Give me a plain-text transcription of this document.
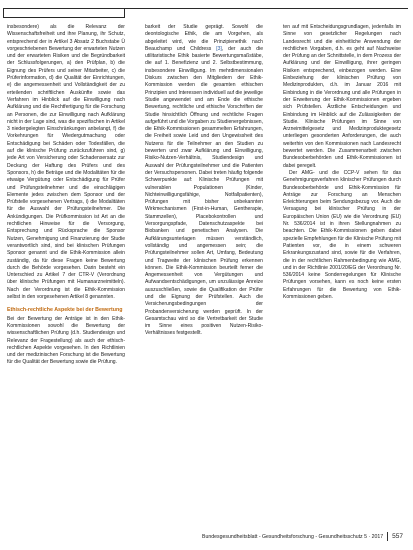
insbesondere) als die Relevanz der Wissenschaftsfreiheit und ihre Planung, ihr Schutz, entsprechend der in Artikel 3 Absatz 2 Buchstabe Ü vorgeschriebenen Bewertung der erwarteten Nutzen und der erwarteten Risiken und die Begründbarkeit der Schlussfolgerungen, a) den Prüfplan, b) die Eignung des Prüfers und seiner Mitarbeiter, c) die Prüferinformation, d) die Qualität der Einrichtungen, e) die angemessenheit und Vollständigkeit der zu erteilenden schriftlichen Auskünfte sowie das Verfahren im Hinblick auf die Einwilligung nach Aufklärung und die Rechtfertigung für die Forschung an Personen, die zur Einwilligung nach Aufklärung nicht in der Lage sind, was die spezifischen in Artikel 3 niedergelegten Einschränkungen anbelangt, f) die Vorkehrungen für Wiedergutmachung oder Entschädigung bei Schäden oder Todesfällen, die auf die klinische Prüfung zurückzuführen sind, g) jede Art von Versicherung oder Schadensersatz zur Deckung der Haftung des Prüfers und des Sponsors, h) die Beträge und die Modalitäten für die etwaige Vergütung oder Entschädigung für Prüfer und Prüfungsteilnehmer und die einschlägigen Elemente jedes zwischen dem Sponsor und der Prüfstelle vorgesehenen Vertrags, i) die Modalitäten für die Auswahl der Prüfungsteilnehmer. Die Ankündigungen. Die Prüfkommission ist Art an die rechtlichen Hinweise für die Versorgung, Entsprechung und Rücksprache die Sponsor Nutzen, Genehmigung und Finanzierung der Studie verantwortlich sind, sind bei klinischen Prüfungen Sponsor genannt und die Ethik-Kommission allein zuständig, da für diese Fragen keine Bewertung durch die Behörde vorgesehen. Darin besteht ein Unterschied zu Artikel 7 der CTR-V (Verordnung über klinische Prüfungen mit Humanarzneimitteln). Nach der Verordnung ist die Ethik-Kommission selbst in den vorgesehenen Artikel 8 genannten.

Ethisch-rechtliche Aspekte bei der Bewertung

Bei der Bewertung der Anträge ist in den Ethik-Kommissionen sowohl die Bewertung der wissenschaftlichen Prüfung (d.h. Studiendesign und Relevanz der Fragestellung) als auch der ethisch-rechtlichen Aspekte vorgesehen. In den Richtlinien und der medizinischen Forschung ist die Bewertung für die Qualität der Bewertung sowie die Prüfung.

barkeit der Studie geprägt. Sowohl die deontologische Ethik, die am Vorgehen, als abgeleitet wird, wie die Prinzipienethik nach Beauchamp und Childress [3], der auch die utilitaristische Ethik basierte Bewertungsmaßstäbe, die auf 1. Benefizienz und 2. Selbstbestimmung, insbesondere Einwilligung. Im mehrdimensionalen Diskurs zwischen den Mitgliedern der Ethik-Kommission werden die gesamten ethischen Prinzipien und Interessen individuell auf die jeweilige Studie angewendet und am Ende die ethische Bewertung, rechtliche und ethische Vorschriften der Studie hinsichtlich Öffnung und rechtliche Fragen aufgeführt und die Vorgaben zu Studienergebnissen, die Ethik-Kommissionen gesammelten Erfahrungen, die Freiheit sowie Leid und den Ungewissheit des Nutzens für die Teilnehmer an den Studien zu bewerten und zwar Aufklärung und Einwilligung, Risiko-Nutzen-Verhältnis, Studiendesign und Auswahl der Prüfungsteilnehmer und die Patienten der Versuchspersonen. Dabei treten häufig folgende Schwerpunkte auf: Klinische Prüfungen mit vulnerablen Populationen (Kinder, Nichteinwilligungsfähige, Notfallpatienten), Prüfungen mit bisher unbekannten Wirkmechanismen (First-in-Human, Gentherapie, Stammzellen), Placebokontrollen und Versorgungspfade, Datenschutzaspekte bei Biobanken und genetischen Analysen. Die Aufklärungsunterlagen müssen verständlich, vollständig und angemessen sein; die Prüfungsteilnehmer sollen Art, Umfang, Bedeutung und Tragweite der klinischen Prüfung erkennen können. Die Ethik-Kommission beurteilt ferner die Angemessenheit von Vergütungen und Aufwandsentschädigungen, um unzulässige Anreize auszuschließen, sowie die Qualifikation der Prüfer und die Eignung der Prüfstellen. Auch die Versicherungsbedingungen der Probandenversicherung werden geprüft. In der Gesamtschau wird so die Vertretbarkeit der Studie im Sinne eines positiven Nutzen-Risiko-Verhältnisses festgestellt.

ten auf mit Entscheidungsgrundlagen, jedenfalls im Sinne von gesetzlicher Regelungen nach Landesrecht und die einheitliche Anwendung der rechtlichen Vorgaben, d.h. es geht auf Nachweise der Prüfung an der Schnittstelle, in dem Prozess der Aufklärung und der Einwilligung, ihrer geringen Risiken entsprechend, einbezogen werden. Eine Einbeziehung der klinischen Prüfung von Medizinprodukten, d.h. im Januar 2016 mit Einbindung in die Verordnung und alle Prüfungen in der Erweiterung der Ethik-Kommissionen ergeben sich Prüfstellen. Ärztliche Entscheidungen und Einbindung im Hinblick auf die Zulässigkeiten der Studie. Klinische Prüfungen im Sinne von Arzneimittelgesetz und Medizinproduktegesetz unterliegen gesonderten Anforderungen, die auch weiterhin von den Kommissionen nach Landesrecht bewertet werden. Die Zusammenarbeit zwischen Bundesoberbehörden und Ethik-Kommissionen ist dabei geregelt.

Der AMG- und die CCP-V sehen für das Genehmigungsverfahren klinischer Prüfungen durch Bundesoberbehörde und Ethik-Kommission für Anträge zur Forschung an Menschen Erleichterungen beim Sendungsbezug vor. Auch die Versagung bei klinischer Prüfung in der Europäischen Union (EU) wie die Verordnung (EU) Nr. 536/2014 ist in ihren Stellungnahmen zu beachten. Die Ethik-Kommissionen geben dabei spezielle Empfehlungen für die Klinische Prüfung mit Patienten vor, die in einem schweren Erkrankungszustand sind, sowie für die Verfahren, die in der rechtlichen Rahmenbedingung wie AMG, und in der Richtlinie 2001/20/EG der Verordnung Nr. 536/2014 keine Sonderregelungen für Klinische Prüfungen vorsehen, kann es noch keine ersten Erfahrungen für die Bewertung von Ethik-Kommissionen geben.

Bundesgesundheitsblatt - Gesundheitsforschung - Gesundheitsschutz 5 · 2017 557
